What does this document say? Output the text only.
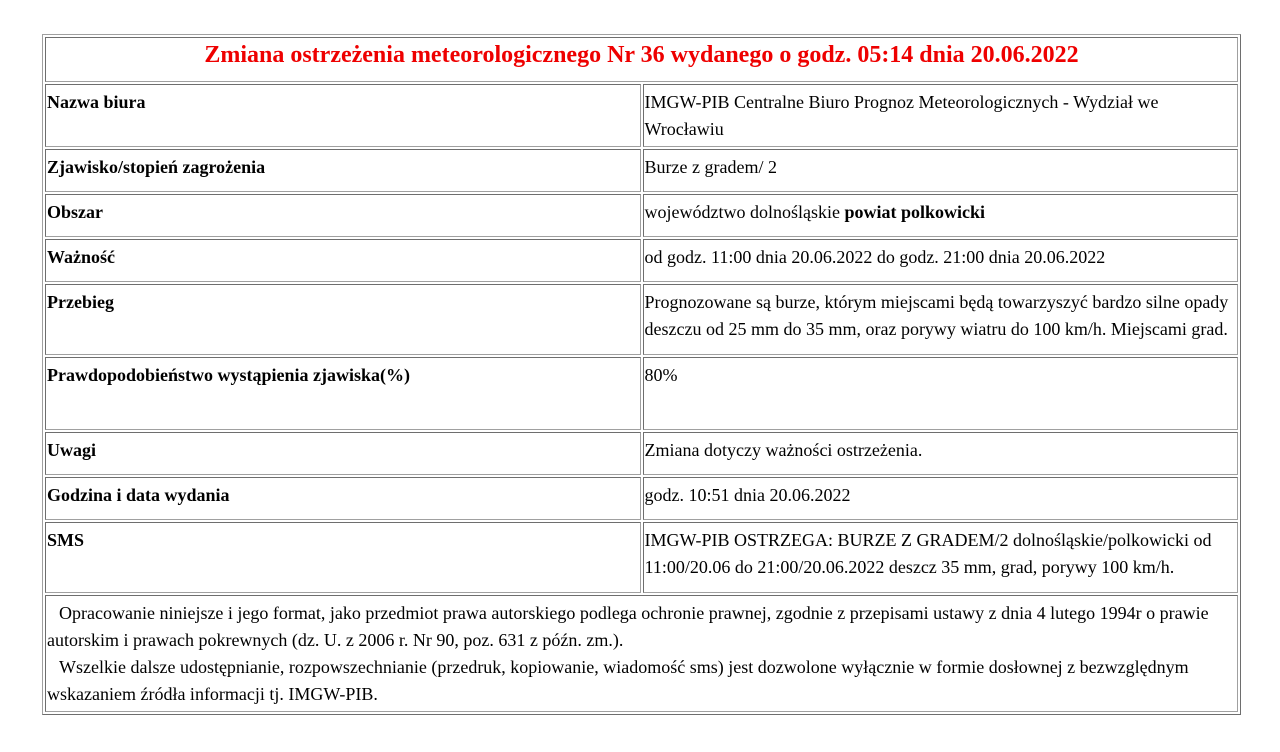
Zmiana ostrzeżenia meteorologicznego Nr 36 wydanego o godz. 05:14 dnia 20.06.2022	
Nazwa biura	IMGW-PIB Centralne Biuro Prognoz Meteorologicznych - Wydział we Wrocławiu
Zjawisko/stopień zagrożenia	Burze z gradem/ 2
Obszar	województwo dolnośląskie powiat polkowicki
Ważność	od godz. 11:00 dnia 20.06.2022 do godz. 21:00 dnia 20.06.2022
Przebieg	Prognozowane są burze, którym miejscami będą towarzyszyć bardzo silne opady deszczu od 25 mm do 35 mm, oraz porywy wiatru do 100 km/h. Miejscami grad.
Prawdopodobieństwo wystąpienia zjawiska(%)	80%
Uwagi	Zmiana dotyczy ważności ostrzeżenia.
Godzina i data wydania	godz. 10:51 dnia 20.06.2022
SMS	IMGW-PIB OSTRZEGA: BURZE Z GRADEM/2 dolnośląskie/polkowicki od 11:00/20.06 do 21:00/20.06.2022 deszcz 35 mm, grad, porywy 100 km/h.

Opracowanie niniejsze i jego format, jako przedmiot prawa autorskiego podlega ochronie prawnej, zgodnie z przepisami ustawy z dnia 4 lutego 1994r o prawie autorskim i prawach pokrewnych (dz. U. z 2006 r. Nr 90, poz. 631 z późn. zm.).
Wszelkie dalsze udostępnianie, rozpowszechnianie (przedruk, kopiowanie, wiadomość sms) jest dozwolone wyłącznie w formie dosłownej z bezwzględnym wskazaniem źródła informacji tj. IMGW-PIB.	
